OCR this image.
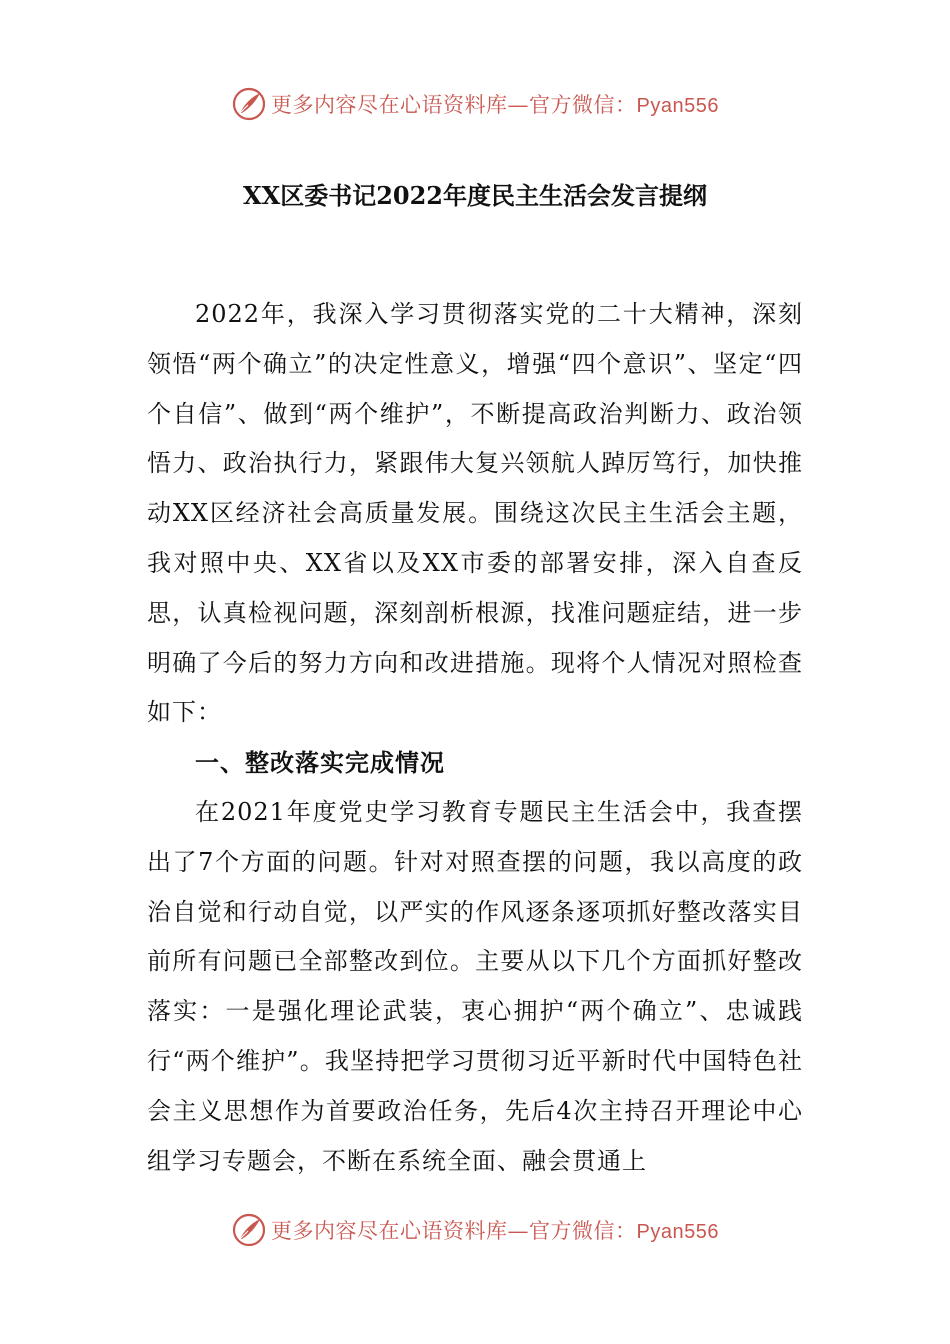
更多内容尽在心语资料库—官方微信：Pyan556
XX区委书记2022年度民主生活会发言提纲

2022年，我深入学习贯彻落实党的二十大精神，深刻领悟“两个确立”的决定性意义，增强“四个意识”、坚定“四个自信”、做到“两个维护”，不断提高政治判断力、政治领悟力、政治执行力，紧跟伟大复兴领航人踔厉笃行，加快推动XX区经济社会高质量发展。围绕这次民主生活会主题，我对照中央、XX省以及XX市委的部署安排，深入自查反思，认真检视问题，深刻剖析根源，找准问题症结，进一步明确了今后的努力方向和改进措施。现将个人情况对照检查如下：

一、整改落实完成情况

在2021年度党史学习教育专题民主生活会中，我查摆出了7个方面的问题。针对对照查摆的问题，我以高度的政治自觉和行动自觉，以严实的作风逐条逐项抓好整改落实目前所有问题已全部整改到位。主要从以下几个方面抓好整改落实：一是强化理论武装，衷心拥护“两个确立”、忠诚践行“两个维护”。我坚持把学习贯彻习近平新时代中国特色社会主义思想作为首要政治任务，先后4次主持召开理论中心组学习专题会，不断在系统全面、融会贯通上

更多内容尽在心语资料库—官方微信：Pyan556
